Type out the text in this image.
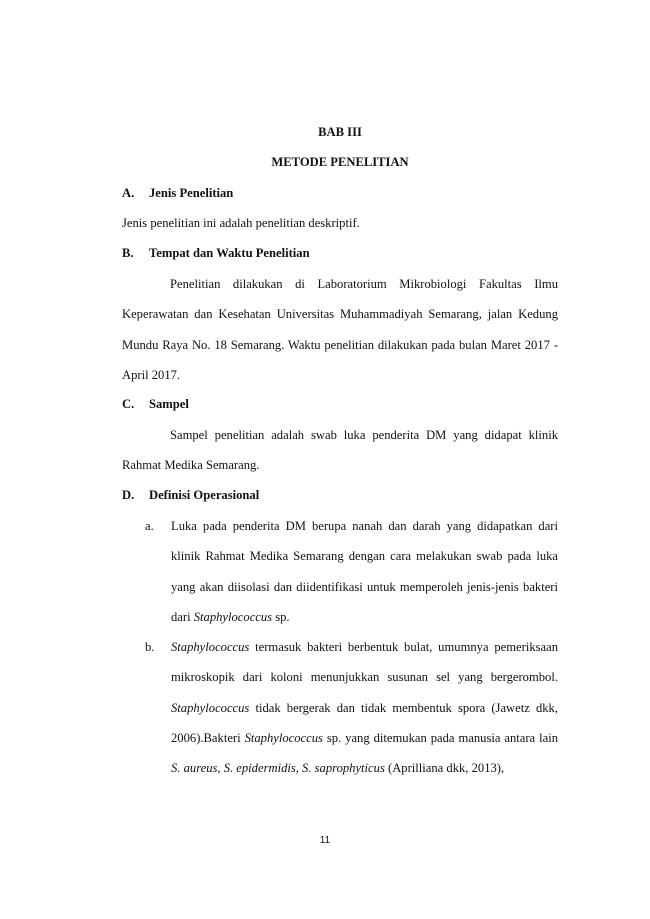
BAB III
METODE PENELITIAN
A. Jenis Penelitian
Jenis penelitian ini adalah penelitian deskriptif.
B. Tempat dan Waktu Penelitian
Penelitian dilakukan di Laboratorium Mikrobiologi Fakultas Ilmu Keperawatan dan Kesehatan Universitas Muhammadiyah Semarang, jalan Kedung Mundu Raya No. 18 Semarang. Waktu penelitian dilakukan pada bulan Maret 2017 - April 2017.
C. Sampel
Sampel penelitian adalah swab luka penderita DM yang didapat klinik Rahmat Medika Semarang.
D. Definisi Operasional
a. Luka pada penderita DM berupa nanah dan darah yang didapatkan dari klinik Rahmat Medika Semarang dengan cara melakukan swab pada luka yang akan diisolasi dan diidentifikasi untuk memperoleh jenis-jenis bakteri dari Staphylococcus sp.
b. Staphylococcus termasuk bakteri berbentuk bulat, umumnya pemeriksaan mikroskopik dari koloni menunjukkan susunan sel yang bergerombol. Staphylococcus tidak bergerak dan tidak membentuk spora (Jawetz dkk, 2006).Bakteri Staphylococcus sp. yang ditemukan pada manusia antara lain S. aureus, S. epidermidis, S. saprophyticus (Aprilliana dkk, 2013),
11
